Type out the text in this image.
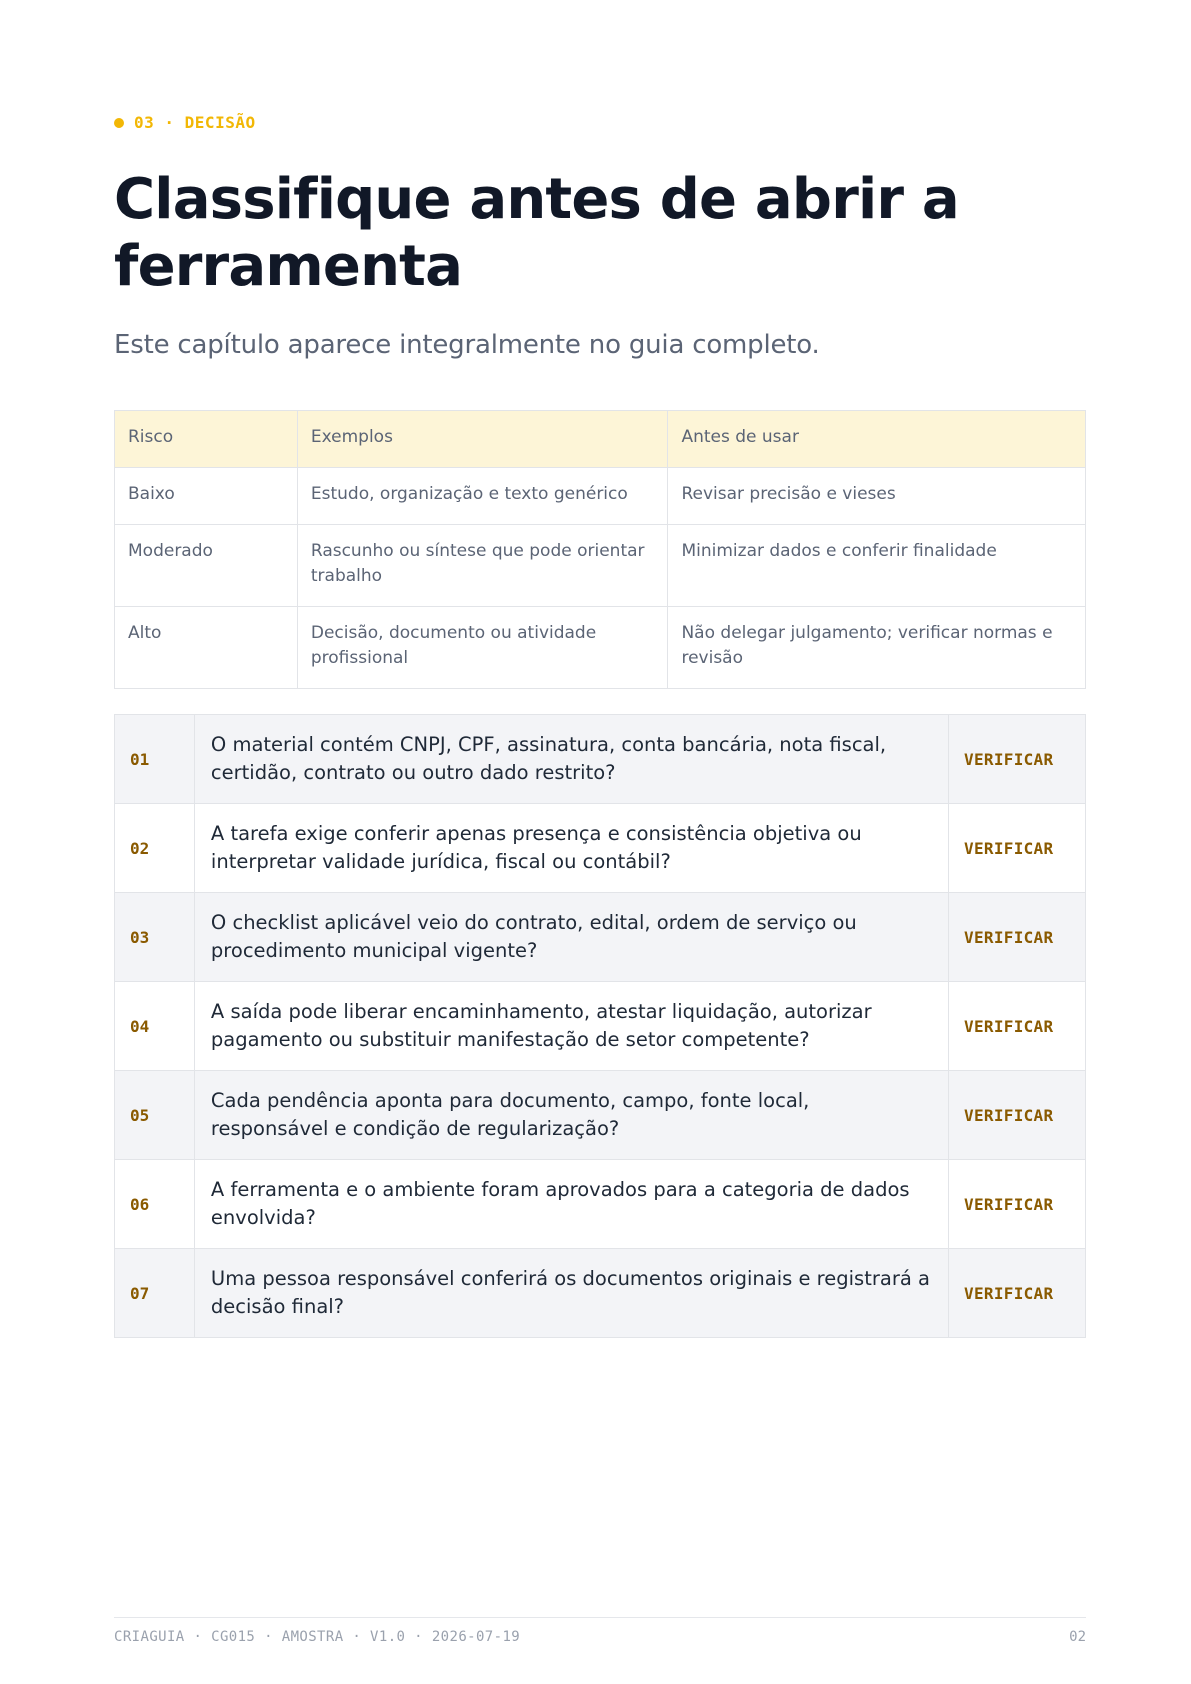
03 · DECISÃO
Classifique antes de abrir a ferramenta

Este capítulo aparece integralmente no guia completo.

Risco	Exemplos	Antes de usar
Baixo	Estudo, organização e texto genérico	Revisar precisão e vieses
Moderado	Rascunho ou síntese que pode orientar trabalho	Minimizar dados e conferir finalidade
Alto	Decisão, documento ou atividade profissional	Não delegar julgamento; verificar normas e revisão
01	O material contém CNPJ, CPF, assinatura, conta bancária, nota fiscal, certidão, contrato ou outro dado restrito?	VERIFICAR
02	A tarefa exige conferir apenas presença e consistência objetiva ou interpretar validade jurídica, fiscal ou contábil?	VERIFICAR
03	O checklist aplicável veio do contrato, edital, ordem de serviço ou procedimento municipal vigente?	VERIFICAR
04	A saída pode liberar encaminhamento, atestar liquidação, autorizar pagamento ou substituir manifestação de setor competente?	VERIFICAR
05	Cada pendência aponta para documento, campo, fonte local, responsável e condição de regularização?	VERIFICAR
06	A ferramenta e o ambiente foram aprovados para a categoria de dados envolvida?	VERIFICAR
07	Uma pessoa responsável conferirá os documentos originais e registrará a decisão final?	VERIFICAR
CRIAGUIA · CG015 · AMOSTRA · V1.0 · 2026-07-19	02
